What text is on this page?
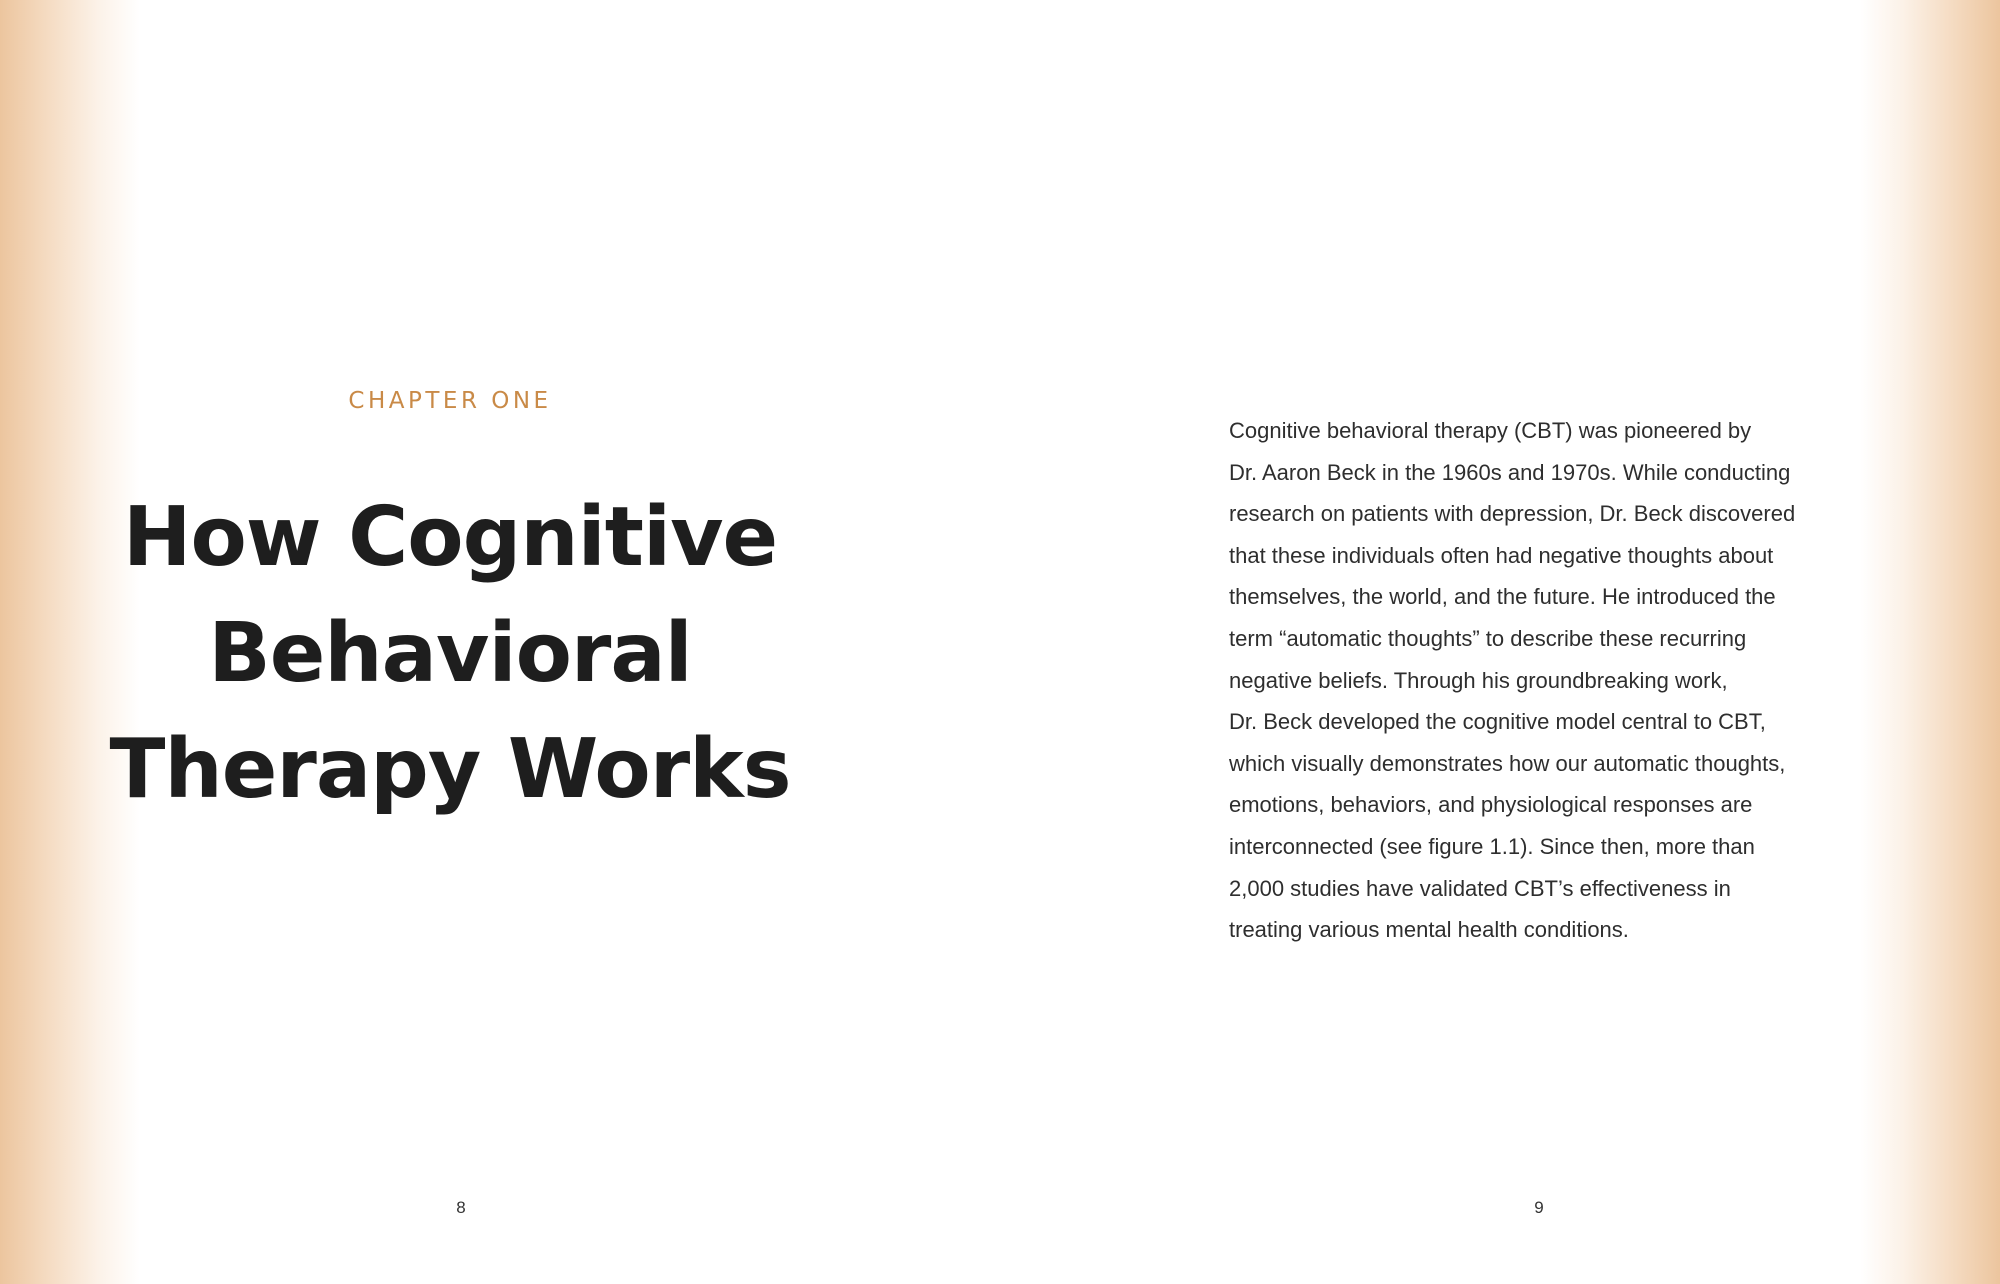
CHAPTER ONE
How Cognitive
Behavioral
Therapy Works
8
Cognitive behavioral therapy (CBT) was pioneered by
Dr. Aaron Beck in the 1960s and 1970s. While conducting
research on patients with depression, Dr. Beck discovered
that these individuals often had negative thoughts about
themselves, the world, and the future. He introduced the
term “automatic thoughts” to describe these recurring
negative beliefs. Through his groundbreaking work,
Dr. Beck developed the cognitive model central to CBT,
which visually demonstrates how our automatic thoughts,
emotions, behaviors, and physiological responses are
interconnected (see figure 1.1). Since then, more than
2,000 studies have validated CBT’s effectiveness in
treating various mental health conditions.
9
